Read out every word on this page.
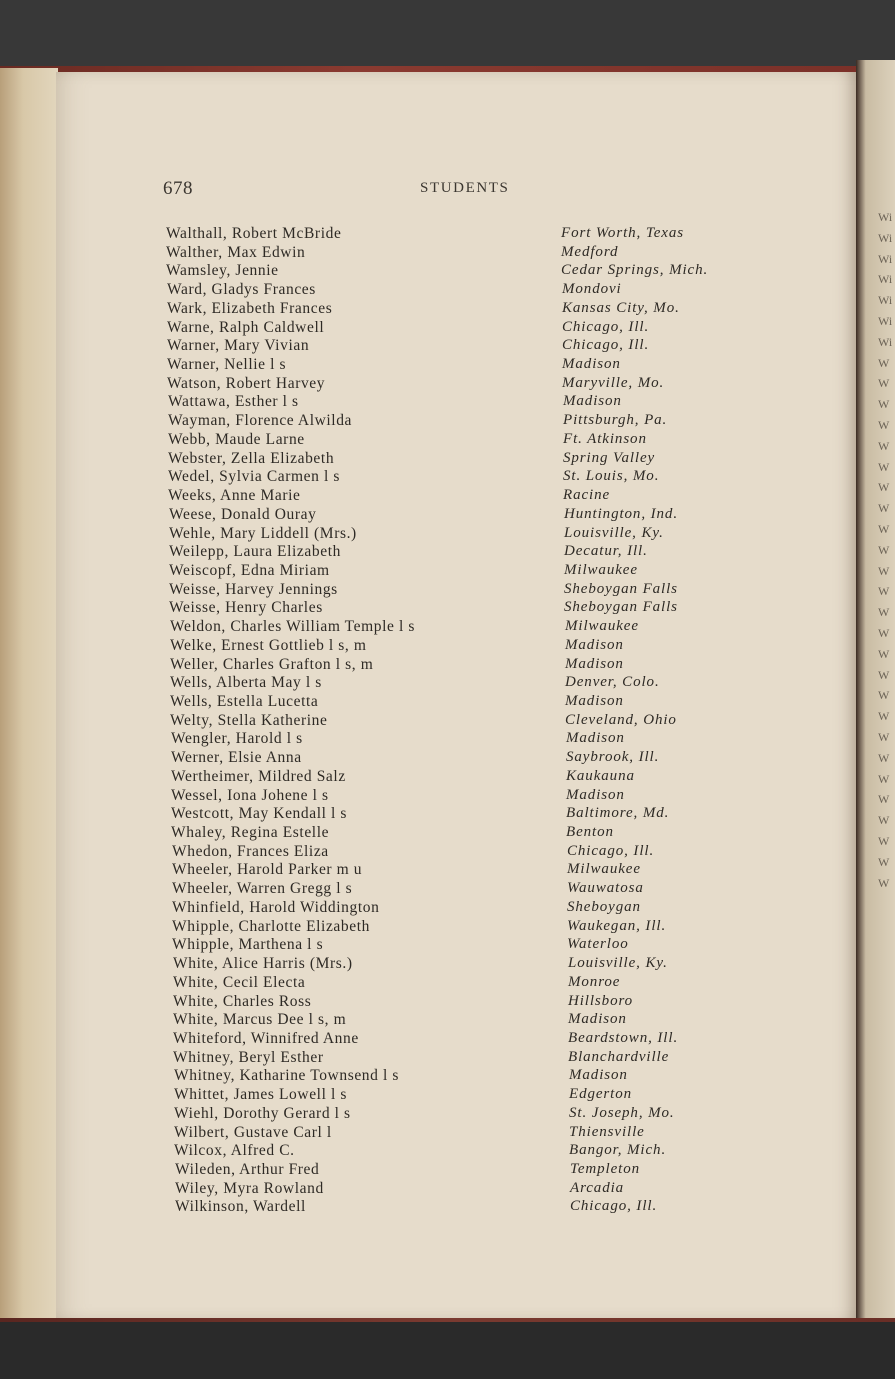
Wi
Wi
Wi
Wi
Wi
Wi
Wi
W
W
W
W
W
W
W
W
W
W
W
W
W
W
W
W
W
W
W
W
W
W
W
W
W
W
678	STUDENTS
Walthall, Robert McBride	Fort Worth, Texas
Walther, Max Edwin	Medford
Wamsley, Jennie	Cedar Springs, Mich.
Ward, Gladys Frances	Mondovi
Wark, Elizabeth Frances	Kansas City, Mo.
Warne, Ralph Caldwell	Chicago, Ill.
Warner, Mary Vivian	Chicago, Ill.
Warner, Nellie l s	Madison
Watson, Robert Harvey	Maryville, Mo.
Wattawa, Esther l s	Madison
Wayman, Florence Alwilda	Pittsburgh, Pa.
Webb, Maude Larne	Ft. Atkinson
Webster, Zella Elizabeth	Spring Valley
Wedel, Sylvia Carmen l s	St. Louis, Mo.
Weeks, Anne Marie	Racine
Weese, Donald Ouray	Huntington, Ind.
Wehle, Mary Liddell (Mrs.)	Louisville, Ky.
Weilepp, Laura Elizabeth	Decatur, Ill.
Weiscopf, Edna Miriam	Milwaukee
Weisse, Harvey Jennings	Sheboygan Falls
Weisse, Henry Charles	Sheboygan Falls
Weldon, Charles William Temple l s	Milwaukee
Welke, Ernest Gottlieb l s, m	Madison
Weller, Charles Grafton l s, m	Madison
Wells, Alberta May l s	Denver, Colo.
Wells, Estella Lucetta	Madison
Welty, Stella Katherine	Cleveland, Ohio
Wengler, Harold l s	Madison
Werner, Elsie Anna	Saybrook, Ill.
Wertheimer, Mildred Salz	Kaukauna
Wessel, Iona Johene l s	Madison
Westcott, May Kendall l s	Baltimore, Md.
Whaley, Regina Estelle	Benton
Whedon, Frances Eliza	Chicago, Ill.
Wheeler, Harold Parker m u	Milwaukee
Wheeler, Warren Gregg l s	Wauwatosa
Whinfield, Harold Widdington	Sheboygan
Whipple, Charlotte Elizabeth	Waukegan, Ill.
Whipple, Marthena l s	Waterloo
White, Alice Harris (Mrs.)	Louisville, Ky.
White, Cecil Electa	Monroe
White, Charles Ross	Hillsboro
White, Marcus Dee l s, m	Madison
Whiteford, Winnifred Anne	Beardstown, Ill.
Whitney, Beryl Esther	Blanchardville
Whitney, Katharine Townsend l s	Madison
Whittet, James Lowell l s	Edgerton
Wiehl, Dorothy Gerard l s	St. Joseph, Mo.
Wilbert, Gustave Carl l	Thiensville
Wilcox, Alfred C.	Bangor, Mich.
Wileden, Arthur Fred	Templeton
Wiley, Myra Rowland	Arcadia
Wilkinson, Wardell	Chicago, Ill.
